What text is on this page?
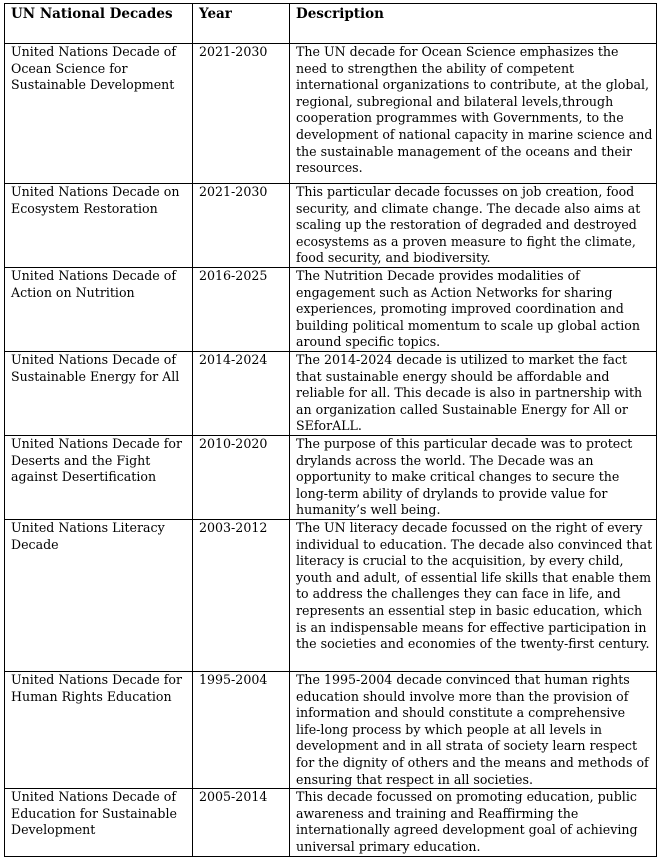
UN National Decades	Year	Description
United Nations Decade of Ocean Science for Sustainable Development	2021-2030	The UN decade for Ocean Science emphasizes the need to strengthen the ability of competent international organizations to contribute, at the global, regional, subregional and bilateral levels,through cooperation programmes with Governments, to the development of national capacity in marine science and the sustainable management of the oceans and their resources.
United Nations Decade on Ecosystem Restoration	2021-2030	This particular decade focusses on job creation, food security, and climate change. The decade also aims at scaling up the restoration of degraded and destroyed ecosystems as a proven measure to fight the climate, food security, and biodiversity.
United Nations Decade of Action on Nutrition	2016-2025	The Nutrition Decade provides modalities of engagement such as Action Networks for sharing experiences, promoting improved coordination and building political momentum to scale up global action around specific topics.
United Nations Decade of Sustainable Energy for All	2014-2024	The 2014-2024 decade is utilized to market the fact that sustainable energy should be affordable and reliable for all. This decade is also in partnership with an organization called Sustainable Energy for All or SEforALL.
United Nations Decade for Deserts and the Fight against Desertification	2010-2020	The purpose of this particular decade was to protect drylands across the world. The Decade was an opportunity to make critical changes to secure the long-term ability of drylands to provide value for humanity’s well being.
United Nations Literacy Decade	2003-2012	The UN literacy decade focussed on the right of every individual to education. The decade also convinced that literacy is crucial to the acquisition, by every child, youth and adult, of essential life skills that enable them to address the challenges they can face in life, and represents an essential step in basic education, which is an indispensable means for effective participation in the societies and economies of the twenty-first century.
United Nations Decade for Human Rights Education	1995-2004	The 1995-2004 decade convinced that human rights education should involve more than the provision of information and should constitute a comprehensive life-long process by which people at all levels in development and in all strata of society learn respect for the dignity of others and the means and methods of ensuring that respect in all societies.
United Nations Decade of Education for Sustainable Development	2005-2014	This decade focussed on promoting education, public awareness and training and Reaffirming the internationally agreed development goal of achieving universal primary education.
